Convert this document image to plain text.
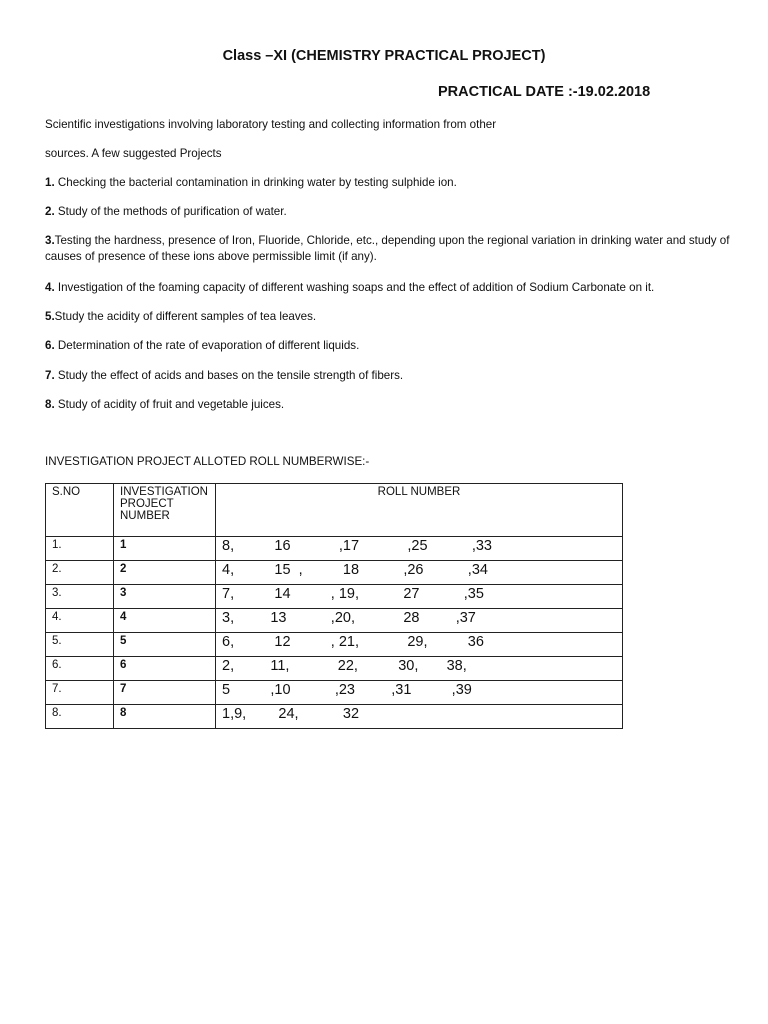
Class –XI (CHEMISTRY PRACTICAL PROJECT)
PRACTICAL DATE :-19.02.2018
Scientific investigations involving laboratory testing and collecting information from other
sources. A few suggested Projects
1. Checking the bacterial contamination in drinking water by testing sulphide ion.
2. Study of the methods of purification of water.
3.Testing the hardness, presence of Iron, Fluoride, Chloride, etc., depending upon the regional variation in drinking water and study of causes of presence of these ions above permissible limit (if any).
4. Investigation of the foaming capacity of different washing soaps and the effect of addition of Sodium Carbonate on it.
5.Study the acidity of different samples of tea leaves.
6. Determination of the rate of evaporation of different liquids.
7. Study the effect of acids and bases on the tensile strength of fibers.
8. Study of acidity of fruit and vegetable juices.
INVESTIGATION PROJECT ALLOTED ROLL NUMBERWISE:-
S.NO	INVESTIGATION PROJECT NUMBER	ROLL NUMBER
1.	1	8,          16            ,17            ,25           ,33
2.	2	4,          15  ,          18           ,26           ,34
3.	3	7,          14          , 19,           27           ,35
4.	4	3,         13           ,20,            28         ,37
5.	5	6,          12          , 21,            29,          36
6.	6	2,         11,            22,          30,       38,
7.	7	5          ,10           ,23         ,31          ,39
8.	8	1,9,        24,           32
